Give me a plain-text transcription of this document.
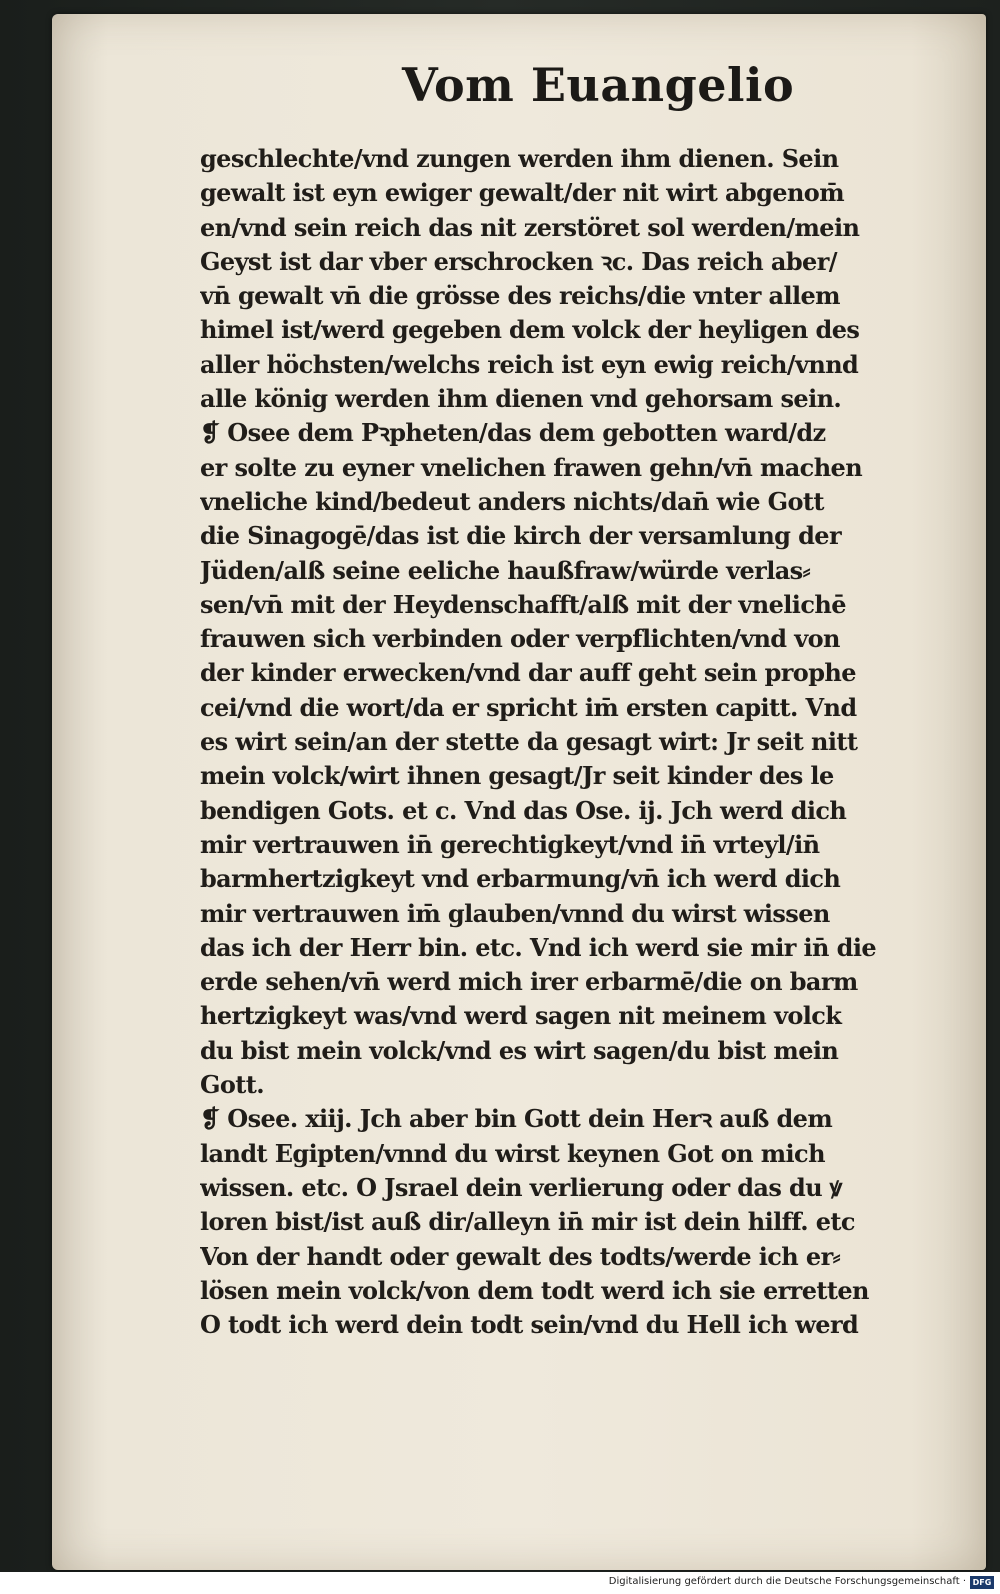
Vom Euangelio
geschlechte/vnd zungen werden ihm dienen. Sein
gewalt ist eyn ewiger gewalt/der nit wirt abgenom̄
en/vnd sein reich das nit zerstöret sol werden/mein
Geyst ist dar vber erschrocken ꝛc. Das reich aber/
vn̄ gewalt vn̄ die grösse des reichs/die vnter allem
himel ist/werd gegeben dem volck der heyligen des
aller höchsten/welchs reich ist eyn ewig reich/vnnd
alle könig werden ihm dienen vnd gehorsam sein.
❡ Osee dem Pꝛpheten/das dem gebotten ward/dz
er solte zu eyner vnelichen frawen gehn/vn̄ machen
vneliche kind/bedeut anders nichts/dan̄ wie Gott
die Sinagogē/das ist die kirch der versamlung der
Jüden/alß seine eeliche haußfraw/würde verlas⸗
sen/vn̄ mit der Heydenschafft/alß mit der vnelichē
frauwen sich verbinden oder verpflichten/vnd von
der kinder erwecken/vnd dar auff geht sein prophe
cei/vnd die wort/da er spricht im̄ ersten capitt. Vnd
es wirt sein/an der stette da gesagt wirt: Jr seit nitt
mein volck/wirt ihnen gesagt/Jr seit kinder des le
bendigen Gots. et c. Vnd das Ose. ij. Jch werd dich
mir vertrauwen in̄ gerechtigkeyt/vnd in̄ vrteyl/in̄
barmhertzigkeyt vnd erbarmung/vn̄ ich werd dich
mir vertrauwen im̄ glauben/vnnd du wirst wissen
das ich der Herr bin. etc. Vnd ich werd sie mir in̄ die
erde sehen/vn̄ werd mich irer erbarmē/die on barm
hertzigkeyt was/vnd werd sagen nit meinem volck
du bist mein volck/vnd es wirt sagen/du bist mein
Gott.
❡ Osee. xiij. Jch aber bin Gott dein Herꝛ auß dem
landt Egipten/vnnd du wirst keynen Got on mich
wissen. etc. O Jsrael dein verlierung oder das du ꝟ
loren bist/ist auß dir/alleyn in̄ mir ist dein hilff. etc
Von der handt oder gewalt des todts/werde ich er⸗
lösen mein volck/von dem todt werd ich sie erretten
O todt ich werd dein todt sein/vnd du Hell ich werd
Digitalisierung gefördert durch die Deutsche Forschungsgemeinschaft · DFG
